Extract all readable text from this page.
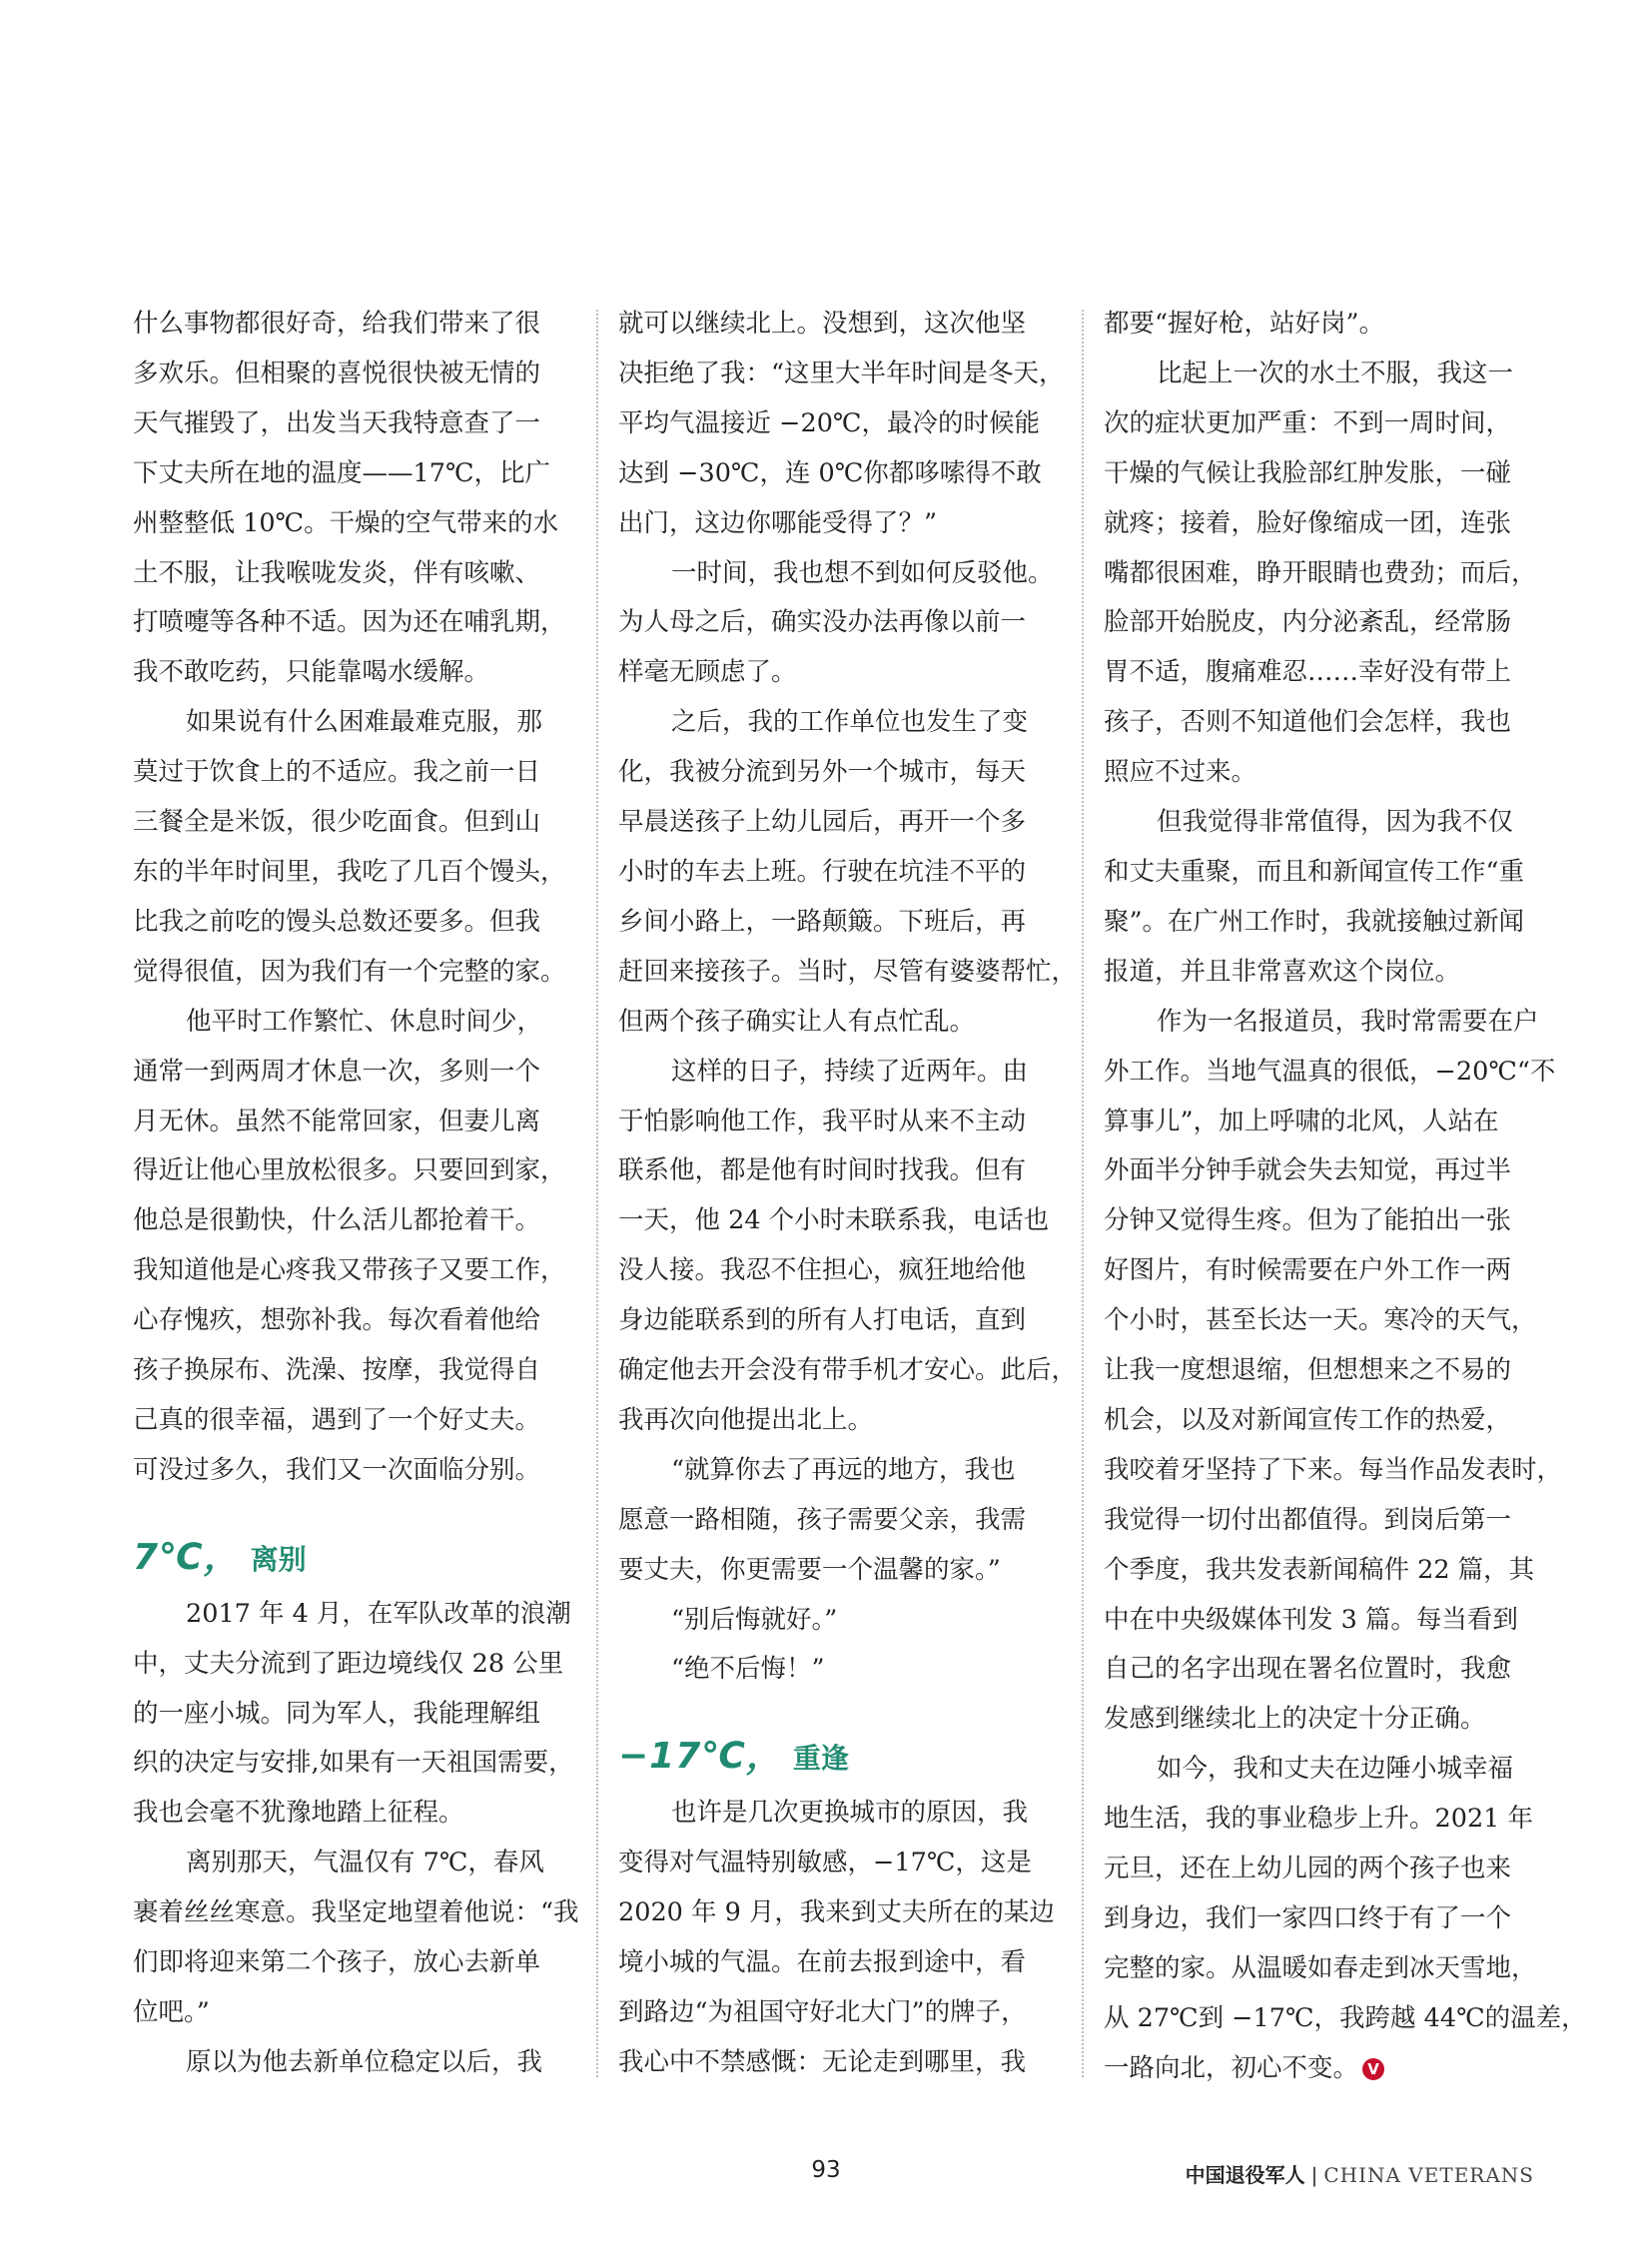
什么事物都很好奇，给我们带来了很

多欢乐。但相聚的喜悦很快被无情的

天气摧毁了，出发当天我特意查了一

下丈夫所在地的温度——17℃，比广

州整整低 10℃。干燥的空气带来的水

土不服，让我喉咙发炎，伴有咳嗽、

打喷嚏等各种不适。因为还在哺乳期，

我不敢吃药，只能靠喝水缓解。

如果说有什么困难最难克服，那

莫过于饮食上的不适应。我之前一日

三餐全是米饭，很少吃面食。但到山

东的半年时间里，我吃了几百个馒头，

比我之前吃的馒头总数还要多。但我

觉得很值，因为我们有一个完整的家。

他平时工作繁忙、休息时间少，

通常一到两周才休息一次，多则一个

月无休。虽然不能常回家，但妻儿离

得近让他心里放松很多。只要回到家，

他总是很勤快，什么活儿都抢着干。

我知道他是心疼我又带孩子又要工作，

心存愧疚，想弥补我。每次看着他给

孩子换尿布、洗澡、按摩，我觉得自

己真的很幸福，遇到了一个好丈夫。

可没过多久，我们又一次面临分别。

7℃， 离别

2017 年 4 月，在军队改革的浪潮

中，丈夫分流到了距边境线仅 28 公里

的一座小城。同为军人，我能理解组

织的决定与安排,如果有一天祖国需要，

我也会毫不犹豫地踏上征程。

离别那天，气温仅有 7℃，春风

裹着丝丝寒意。我坚定地望着他说：“我

们即将迎来第二个孩子，放心去新单

位吧。”

原以为他去新单位稳定以后，我

就可以继续北上。没想到，这次他坚

决拒绝了我：“这里大半年时间是冬天，

平均气温接近 −20℃，最冷的时候能

达到 −30℃，连 0℃你都哆嗦得不敢

出门，这边你哪能受得了？”

一时间，我也想不到如何反驳他。

为人母之后，确实没办法再像以前一

样毫无顾虑了。

之后，我的工作单位也发生了变

化，我被分流到另外一个城市，每天

早晨送孩子上幼儿园后，再开一个多

小时的车去上班。行驶在坑洼不平的

乡间小路上，一路颠簸。下班后，再

赶回来接孩子。当时，尽管有婆婆帮忙，

但两个孩子确实让人有点忙乱。

这样的日子，持续了近两年。由

于怕影响他工作，我平时从来不主动

联系他，都是他有时间时找我。但有

一天，他 24 个小时未联系我，电话也

没人接。我忍不住担心，疯狂地给他

身边能联系到的所有人打电话，直到

确定他去开会没有带手机才安心。此后，

我再次向他提出北上。

“就算你去了再远的地方，我也

愿意一路相随，孩子需要父亲，我需

要丈夫，你更需要一个温馨的家。”

“别后悔就好。”

“绝不后悔！”

−17℃， 重逢

也许是几次更换城市的原因，我

变得对气温特别敏感，−17℃，这是

2020 年 9 月，我来到丈夫所在的某边

境小城的气温。在前去报到途中，看

到路边“为祖国守好北大门”的牌子，

我心中不禁感慨：无论走到哪里，我

都要“握好枪，站好岗”。

比起上一次的水土不服，我这一

次的症状更加严重：不到一周时间，

干燥的气候让我脸部红肿发胀，一碰

就疼；接着，脸好像缩成一团，连张

嘴都很困难，睁开眼睛也费劲；而后，

脸部开始脱皮，内分泌紊乱，经常肠

胃不适，腹痛难忍……幸好没有带上

孩子，否则不知道他们会怎样，我也

照应不过来。

但我觉得非常值得，因为我不仅

和丈夫重聚，而且和新闻宣传工作“重

聚”。在广州工作时，我就接触过新闻

报道，并且非常喜欢这个岗位。

作为一名报道员，我时常需要在户

外工作。当地气温真的很低，−20℃“不

算事儿”，加上呼啸的北风，人站在

外面半分钟手就会失去知觉，再过半

分钟又觉得生疼。但为了能拍出一张

好图片，有时候需要在户外工作一两

个小时，甚至长达一天。寒冷的天气，

让我一度想退缩，但想想来之不易的

机会，以及对新闻宣传工作的热爱，

我咬着牙坚持了下来。每当作品发表时，

我觉得一切付出都值得。到岗后第一

个季度，我共发表新闻稿件 22 篇，其

中在中央级媒体刊发 3 篇。每当看到

自己的名字出现在署名位置时，我愈

发感到继续北上的决定十分正确。

如今，我和丈夫在边陲小城幸福

地生活，我的事业稳步上升。2021 年

元旦，还在上幼儿园的两个孩子也来

到身边，我们一家四口终于有了一个

完整的家。从温暖如春走到冰天雪地，

从 27℃到 −17℃，我跨越 44℃的温差，

一路向北，初心不变。 V

93	中国退役军人 | CHINA VETERANS
